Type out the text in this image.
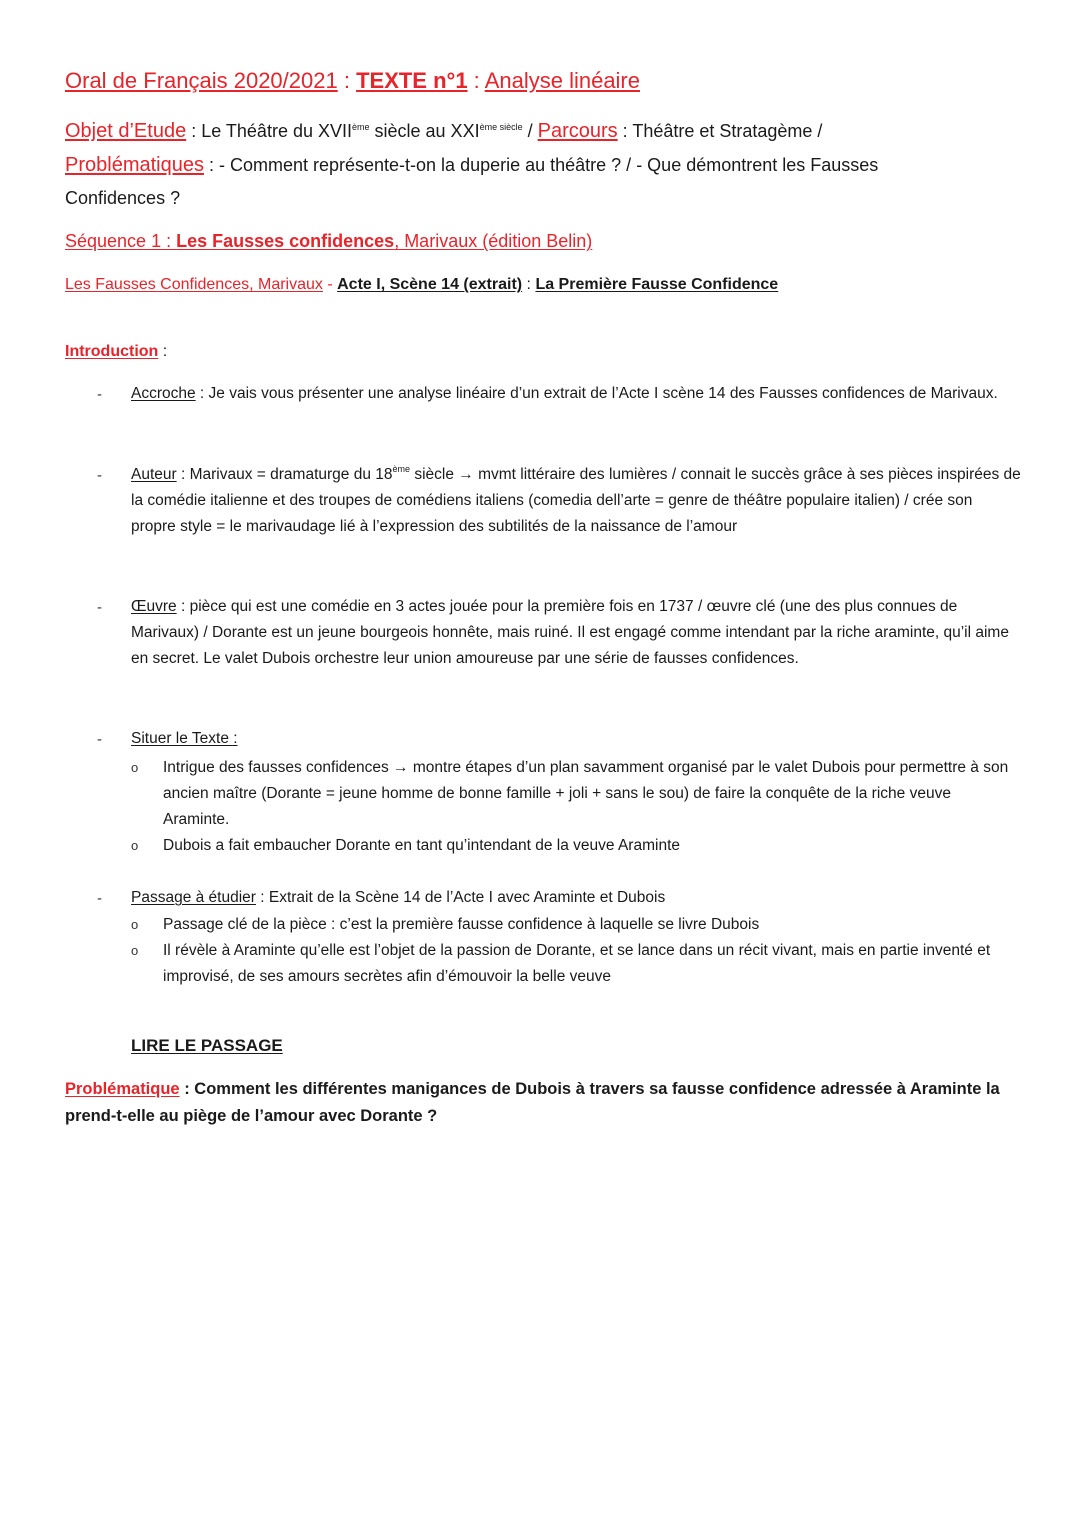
Oral de Français 2020/2021 : TEXTE n°1 : Analyse linéaire
Objet d’Etude : Le Théâtre du XVIIème siècle au $XXI^{ème siècle}$ / Parcours : Théâtre et Stratagème /
Problématiques : - Comment représente-t-on la duperie au théâtre ? / - Que démontrent les Fausses
Confidences ?
Séquence 1 : Les Fausses confidences, Marivaux (édition Belin)
Les Fausses Confidences, Marivaux - Acte I, Scène 14 (extrait) : La Première Fausse Confidence
Introduction :
- Accroche : Je vais vous présenter une analyse linéaire d’un extrait de l’Acte I scène 14 des Fausses confidences de Marivaux.
- Auteur : Marivaux = dramaturge du 18ème siècle → mvmt littéraire des lumières / connait le succès grâce à ses pièces inspirées de la comédie italienne et des troupes de comédiens italiens (comedia dell’arte = genre de théâtre populaire italien) / crée son propre style = le marivaudage lié à l’expression des subtilités de la naissance de l’amour
- Œuvre : pièce qui est une comédie en 3 actes jouée pour la première fois en 1737 / œuvre clé (une des plus connues de Marivaux) / Dorante est un jeune bourgeois honnête, mais ruiné. Il est engagé comme intendant par la riche araminte, qu’il aime en secret. Le valet Dubois orchestre leur union amoureuse par une série de fausses confidences.
- Situer le Texte :
o Intrigue des fausses confidences → montre étapes d’un plan savamment organisé par le valet Dubois pour permettre à son ancien maître (Dorante = jeune homme de bonne famille + joli + sans le sou) de faire la conquête de la riche veuve Araminte.
o Dubois a fait embaucher Dorante en tant qu’intendant de la veuve Araminte
- Passage à étudier : Extrait de la Scène 14 de l’Acte I avec Araminte et Dubois
o Passage clé de la pièce : c’est la première fausse confidence à laquelle se livre Dubois
o Il révèle à Araminte qu’elle est l’objet de la passion de Dorante, et se lance dans un récit vivant, mais en partie inventé et improvisé, de ses amours secrètes afin d’émouvoir la belle veuve
LIRE LE PASSAGE
Problématique : Comment les différentes manigances de Dubois à travers sa fausse confidence adressée à Araminte la prend-t-elle au piège de l’amour avec Dorante ?
